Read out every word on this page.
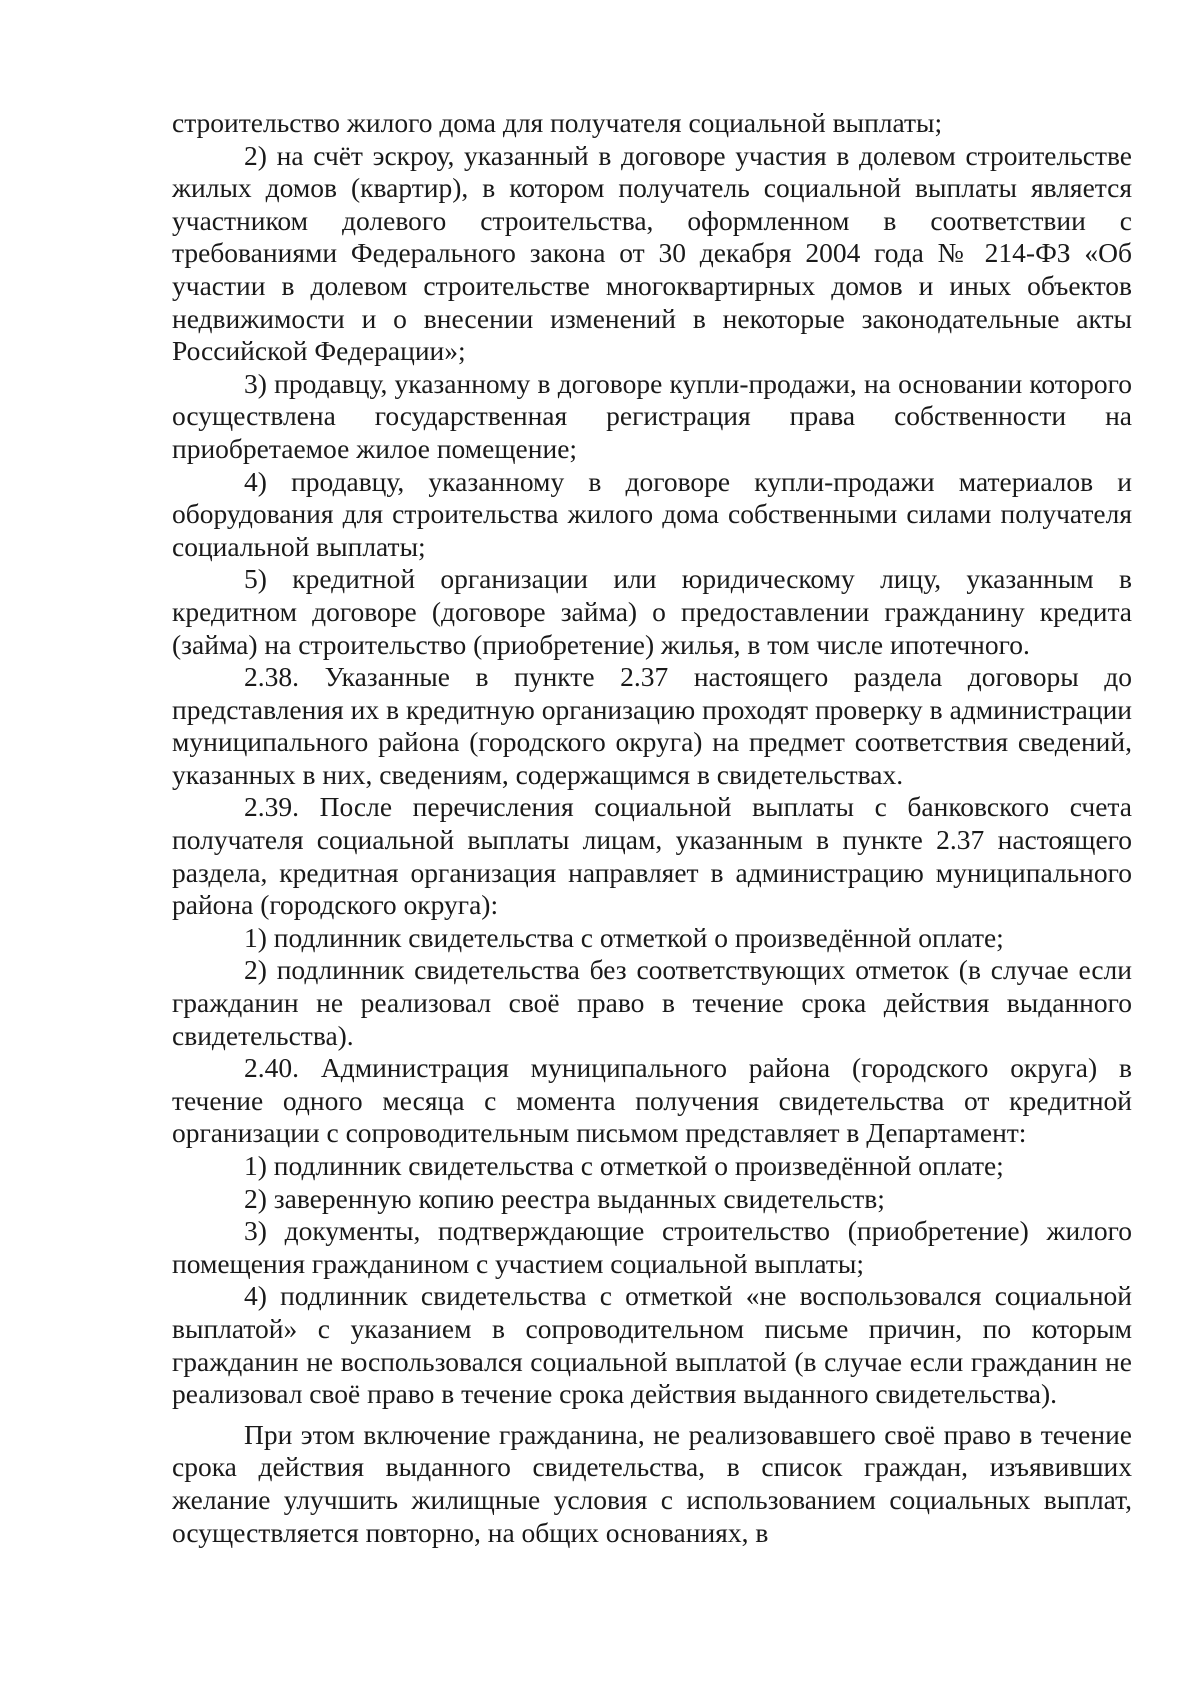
строительство жилого дома для получателя социальной выплаты;

2) на счёт эскроу, указанный в договоре участия в долевом строительстве жилых домов (квартир), в котором получатель социальной выплаты является участником долевого строительства, оформленном в соответствии с требованиями Федерального закона от 30 декабря 2004 года № 214-ФЗ «Об участии в долевом строительстве многоквартирных домов и иных объектов недвижимости и о внесении изменений в некоторые законодательные акты Российской Федерации»;

3) продавцу, указанному в договоре купли-продажи, на основании которого осуществлена государственная регистрация права собственности на приобретаемое жилое помещение;

4) продавцу, указанному в договоре купли-продажи материалов и оборудования для строительства жилого дома собственными силами получателя социальной выплаты;

5) кредитной организации или юридическому лицу, указанным в кредитном договоре (договоре займа) о предоставлении гражданину кредита (займа) на строительство (приобретение) жилья, в том числе ипотечного.

2.38. Указанные в пункте 2.37 настоящего раздела договоры до представления их в кредитную организацию проходят проверку в администрации муниципального района (городского округа) на предмет соответствия сведений, указанных в них, сведениям, содержащимся в свидетельствах.

2.39. После перечисления социальной выплаты с банковского счета получателя социальной выплаты лицам, указанным в пункте 2.37 настоящего раздела, кредитная организация направляет в администрацию муниципального района (городского округа):

1) подлинник свидетельства с отметкой о произведённой оплате;

2) подлинник свидетельства без соответствующих отметок (в случае если гражданин не реализовал своё право в течение срока действия выданного свидетельства).

2.40. Администрация муниципального района (городского округа) в течение одного месяца с момента получения свидетельства от кредитной организации с сопроводительным письмом представляет в Департамент:

1) подлинник свидетельства с отметкой о произведённой оплате;

2) заверенную копию реестра выданных свидетельств;

3) документы, подтверждающие строительство (приобретение) жилого помещения гражданином с участием социальной выплаты;

4) подлинник свидетельства с отметкой «не воспользовался социальной выплатой» с указанием в сопроводительном письме причин, по которым гражданин не воспользовался социальной выплатой (в случае если гражданин не реализовал своё право в течение срока действия выданного свидетельства).

При этом включение гражданина, не реализовавшего своё право в течение срока действия выданного свидетельства, в список граждан, изъявивших желание улучшить жилищные условия с использованием социальных выплат, осуществляется повторно, на общих основаниях, в
